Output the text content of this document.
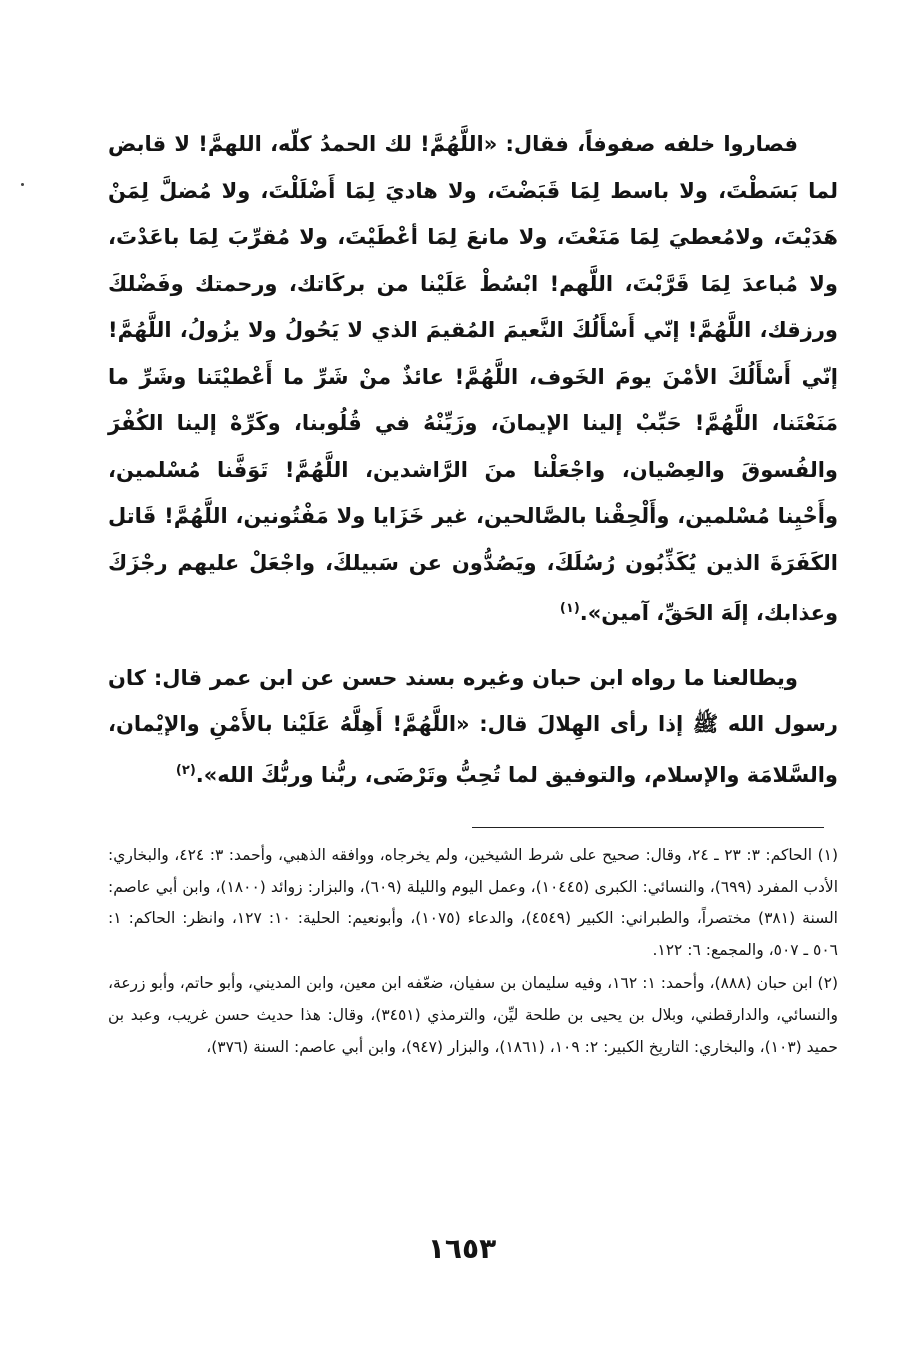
فصاروا خلفه صفوفاً، فقال: «اللَّهُمَّ! لك الحمدُ كلّه، اللهمَّ! لا قابض لما بَسَطْتَ، ولا باسط لِمَا قَبَضْتَ، ولا هاديَ لِمَا أَضْلَلْتَ، ولا مُضلَّ لِمَنْ هَدَيْتَ، ولامُعطيَ لِمَا مَنَعْتَ، ولا مانعَ لِمَا أعْطَيْتَ، ولا مُقرِّبَ لِمَا باعَدْتَ، ولا مُباعدَ لِمَا قَرَّبْتَ، اللَّهم! ابْسُطْ عَلَيْنا من بركَاتك، ورحمتك وفَضْلكَ ورزقك، اللَّهُمَّ! إنّي أَسْأَلُكَ النَّعيمَ المُقيمَ الذي لا يَحُولُ ولا يزُولُ، اللَّهُمَّ! إنّي أَسْأَلُكَ الأمْنَ يومَ الخَوف، اللَّهُمَّ! عائذٌ منْ شَرِّ ما أَعْطيْتَنا وشَرِّ ما مَنَعْتَنا، اللَّهُمَّ! حَبِّبْ إلينا الإيمانَ، وزَيِّنْهُ في قُلُوبنا، وكَرِّهْ إلينا الكُفْرَ والفُسوقَ والعِصْيان، واجْعَلْنا منَ الرَّاشدين، اللَّهُمَّ! تَوَفَّنا مُسْلمين، وأَحْيِنا مُسْلمين، وأَلْحِقْنا بالصَّالحين، غير خَزَايا ولا مَفْتُونين، اللَّهُمَّ! قَاتل الكَفَرَةَ الذين يُكَذِّبُون رُسُلَكَ، ويَصُدُّون عن سَبيلكَ، واجْعَلْ عليهم رجْزَكَ وعذابك، إلَهَ الحَقِّ، آمين».$^{(١)}$

ويطالعنا ما رواه ابن حبان وغيره بسند حسن عن ابن عمر قال: كان رسول الله ﷺ إذا رأى الهِلالَ قال: «اللَّهُمَّ! أَهِلَّهُ عَلَيْنا بالأَمْنِ والإيْمان، والسَّلامَة والإسلام، والتوفيق لما تُحِبُّ وتَرْضَى، ربُّنا وربُّكَ الله».$^{(٢)}$

(١) الحاكم: ٣: ٢٣ ـ ٢٤، وقال: صحيح على شرط الشيخين، ولم يخرجاه، ووافقه الذهبي، وأحمد: ٣: ٤٢٤، والبخاري: الأدب المفرد (٦٩٩)، والنسائي: الكبرى (١٠٤٤٥)، وعمل اليوم والليلة (٦٠٩)، والبزار: زوائد (١٨٠٠)، وابن أبي عاصم: السنة (٣٨١) مختصراً، والطبراني: الكبير (٤٥٤٩)، والدعاء (١٠٧٥)، وأبونعيم: الحلية: ١٠: ١٢٧، وانظر: الحاكم: ١: ٥٠٦ ـ ٥٠٧، والمجمع: ٦: ١٢٢.

(٢) ابن حبان (٨٨٨)، وأحمد: ١: ١٦٢، وفيه سليمان بن سفيان، ضعّفه ابن معين، وابن المديني، وأبو حاتم، وأبو زرعة، والنسائي، والدارقطني، وبلال بن يحيى بن طلحة ليِّن، والترمذي (٣٤٥١)، وقال: هذا حديث حسن غريب، وعبد بن حميد (١٠٣)، والبخاري: التاريخ الكبير: ٢: ١٠٩، (١٨٦١)، والبزار (٩٤٧)، وابن أبي عاصم: السنة (٣٧٦)،

١٦٥٣
